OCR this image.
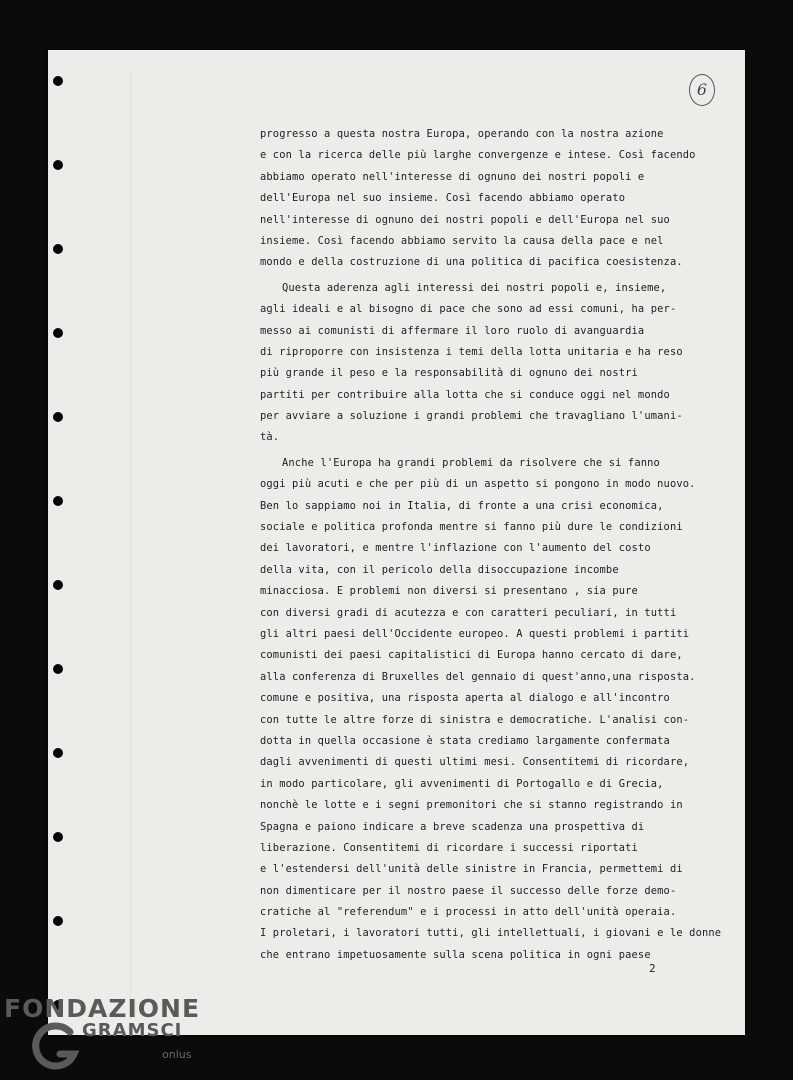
6
progresso a questa nostra Europa, operando con la nostra azione
e con la ricerca delle più larghe convergenze e intese. Così facendo
abbiamo operato nell'interesse di ognuno dei nostri popoli e
dell'Europa nel suo insieme. Così facendo abbiamo operato
nell'interesse di ognuno dei nostri popoli e dell'Europa nel suo
insieme. Così facendo abbiamo servito la causa della pace e nel
mondo e della costruzione di una politica di pacifica coesistenza.
Questa aderenza agli interessi dei nostri popoli e, insieme,
agli ideali e al bisogno di pace che sono ad essi comuni, ha per-
messo ai comunisti di affermare il loro ruolo di avanguardia
di riproporre con insistenza i temi della lotta unitaria e ha reso
più grande il peso e la responsabilità di ognuno dei nostri
partiti per contribuire alla lotta che si conduce oggi nel mondo
per avviare a soluzione i grandi problemi che travagliano l'umani-
tà.
Anche l'Europa ha grandi problemi da risolvere che si fanno
oggi più acuti e che per più di un aspetto si pongono in modo nuovo.
Ben lo sappiamo noi in Italia, di fronte a una crisi economica,
sociale e politica profonda mentre si fanno più dure le condizioni
dei lavoratori, e mentre l'inflazione con l'aumento del costo
della vita, con il pericolo della disoccupazione incombe
minacciosa. E problemi non diversi si presentano , sia pure
con diversi gradi di acutezza e con caratteri peculiari, in tutti
gli altri paesi dell'Occidente europeo. A questi problemi i partiti
comunisti dei paesi capitalistici di Europa hanno cercato di dare,
alla conferenza di Bruxelles del gennaio di quest'anno,una risposta.
comune e positiva, una risposta aperta al dialogo e all'incontro
con tutte le altre forze di sinistra e democratiche. L'analisi con-
dotta in quella occasione è stata crediamo largamente confermata
dagli avvenimenti di questi ultimi mesi. Consentitemi di ricordare,
in modo particolare, gli avvenimenti di Portogallo e di Grecia,
nonchè le lotte e i segni premonitori che si stanno registrando in
Spagna e paiono indicare a breve scadenza una prospettiva di
liberazione. Consentitemi di ricordare i successi riportati
e l'estendersi dell'unità delle sinistre in Francia, permettemi di
non dimenticare per il nostro paese il successo delle forze demo-
cratiche al "referendum" e i processi in atto dell'unità operaia.
I proletari, i lavoratori tutti, gli intellettuali, i giovani e le donne
che entrano impetuosamente sulla scena politica in ogni paese
2
FONDAZIONE
GRAMSCI
onlus
